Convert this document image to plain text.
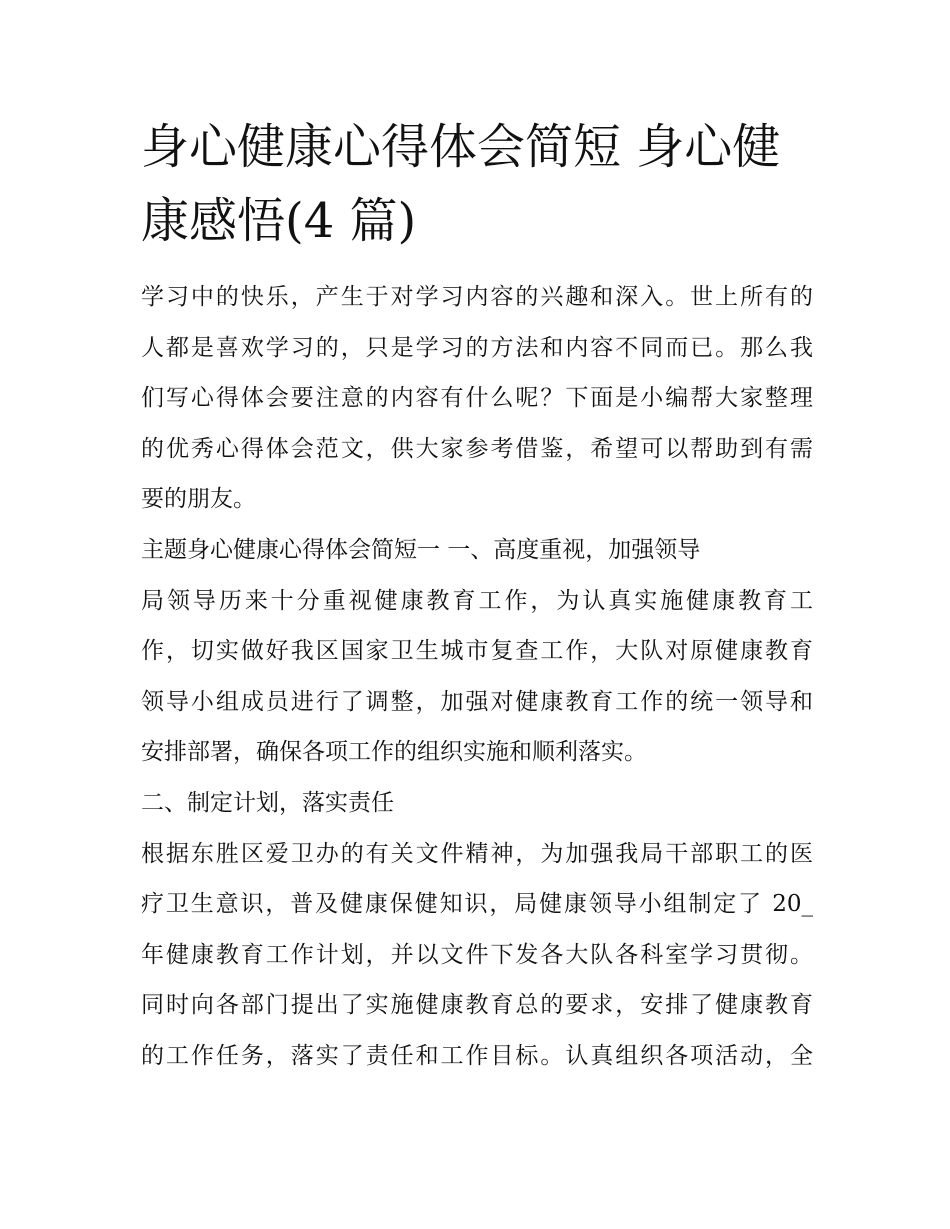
身心健康心得体会简短 身心健
康感悟(4 篇)

学习中的快乐，产生于对学习内容的兴趣和深入。世上所有的
人都是喜欢学习的，只是学习的方法和内容不同而已。那么我
们写心得体会要注意的内容有什么呢？下面是小编帮大家整理
的优秀心得体会范文，供大家参考借鉴，希望可以帮助到有需
要的朋友。

主题身心健康心得体会简短一 一、高度重视，加强领导

局领导历来十分重视健康教育工作，为认真实施健康教育工
作，切实做好我区国家卫生城市复查工作，大队对原健康教育
领导小组成员进行了调整，加强对健康教育工作的统一领导和
安排部署，确保各项工作的组织实施和顺利落实。

二、制定计划，落实责任

根据东胜区爱卫办的有关文件精神，为加强我局干部职工的医
疗卫生意识，普及健康保健知识，局健康领导小组制定了 20_
年健康教育工作计划，并以文件下发各大队各科室学习贯彻。
同时向各部门提出了实施健康教育总的要求，安排了健康教育
的工作任务，落实了责任和工作目标。认真组织各项活动，全
